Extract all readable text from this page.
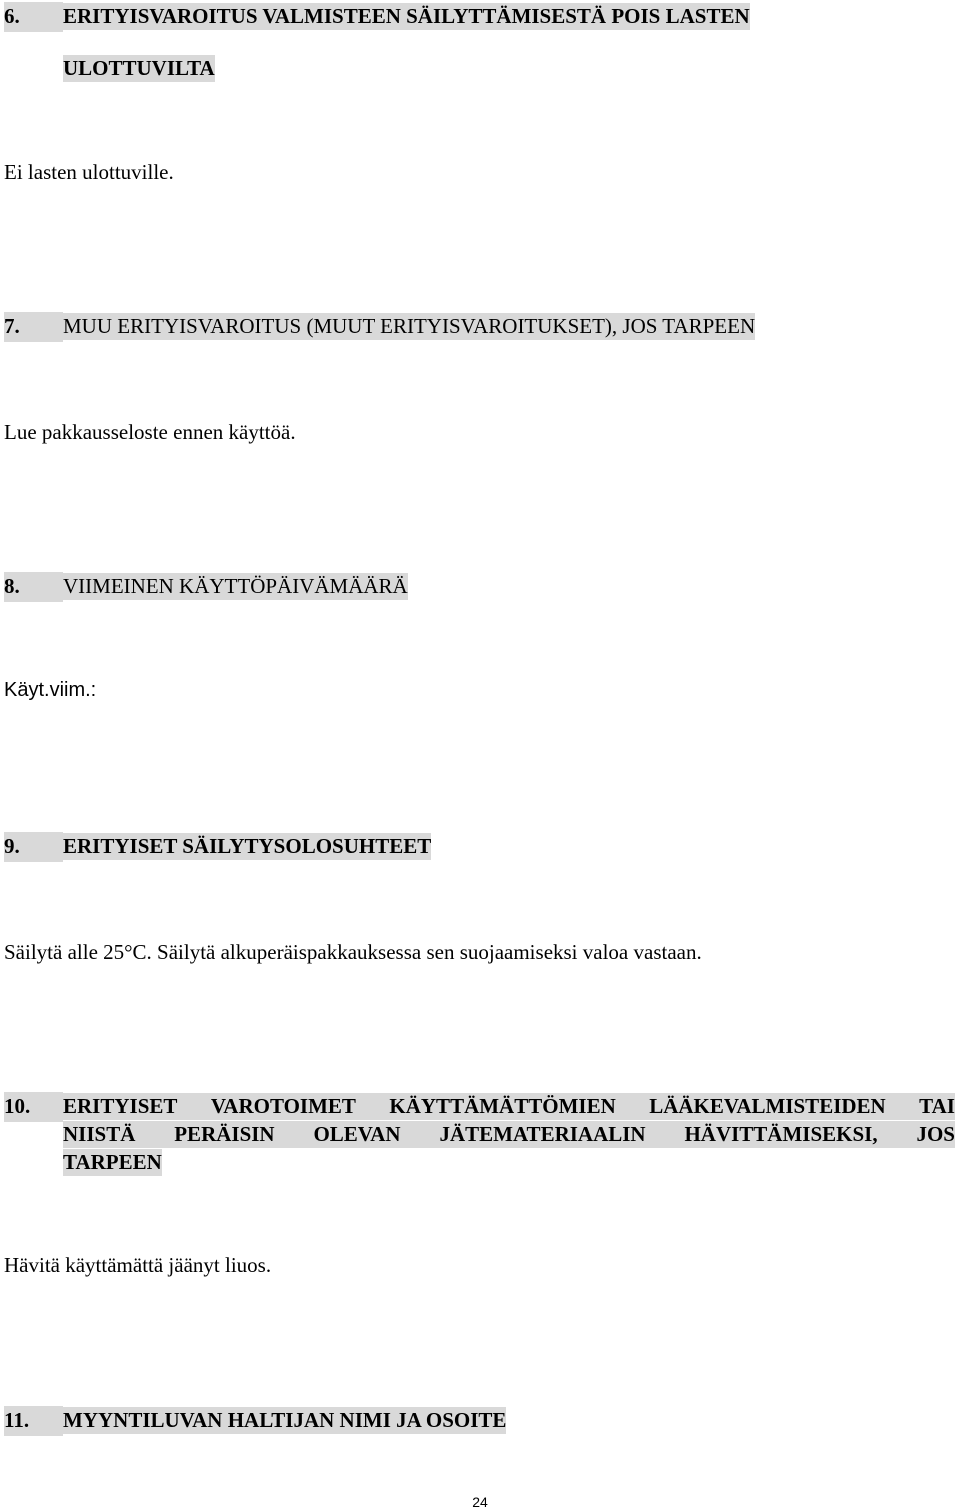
6. ERITYISVAROITUS VALMISTEEN SÄILYTTÄMISESTÄ POIS LASTEN
ULOTTUVILTA
Ei lasten ulottuville.
7. MUU ERITYISVAROITUS (MUUT ERITYISVAROITUKSET), JOS TARPEEN
Lue pakkausseloste ennen käyttöä.
8. VIIMEINEN KÄYTTÖPÄIVÄMÄÄRÄ
Käyt.viim.:
9. ERITYISET SÄILYTYSOLOSUHTEET
Säilytä alle 25°C. Säilytä alkuperäispakkauksessa sen suojaamiseksi valoa vastaan.
10.	ERITYISET VAROTOIMET KÄYTTÄMÄTTÖMIEN LÄÄKEVALMISTEIDEN TAI
NIISTÄ PERÄISIN OLEVAN JÄTEMATERIAALIN HÄVITTÄMISEKSI, JOS
TARPEEN
Hävitä käyttämättä jäänyt liuos.
11. MYYNTILUVAN HALTIJAN NIMI JA OSOITE
24
